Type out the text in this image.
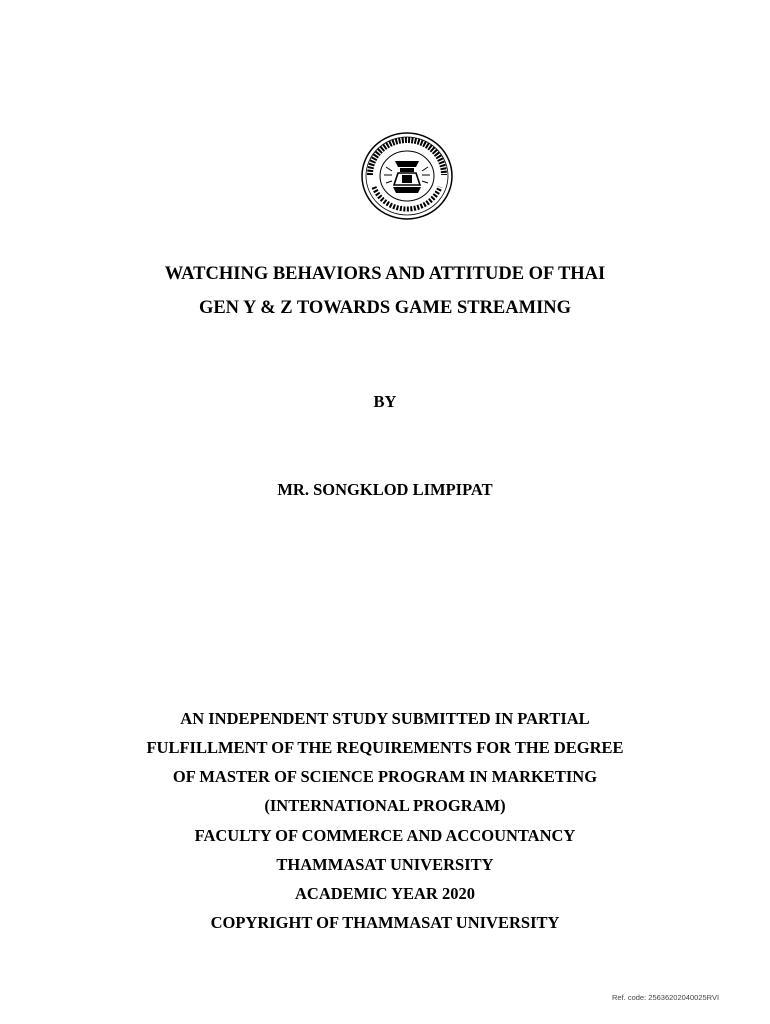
WATCHING BEHAVIORS AND ATTITUDE OF THAI
GEN Y & Z TOWARDS GAME STREAMING
BY
MR. SONGKLOD LIMPIPAT
AN INDEPENDENT STUDY SUBMITTED IN PARTIAL
FULFILLMENT OF THE REQUIREMENTS FOR THE DEGREE
OF MASTER OF SCIENCE PROGRAM IN MARKETING
(INTERNATIONAL PROGRAM)
FACULTY OF COMMERCE AND ACCOUNTANCY
THAMMASAT UNIVERSITY
ACADEMIC YEAR 2020
COPYRIGHT OF THAMMASAT UNIVERSITY
Ref. code: 25636202040025RVI
